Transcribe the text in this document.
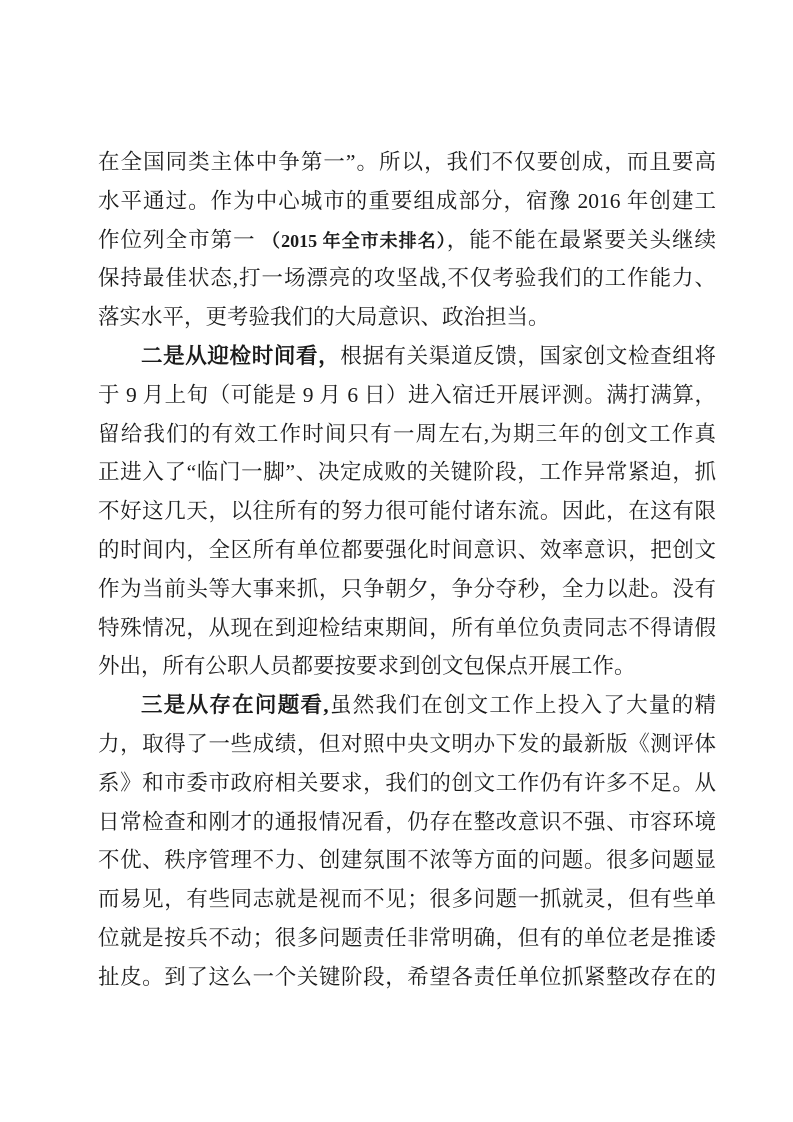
在全国同类主体中争第一”。所以，我们不仅要创成，而且要高
水平通过。作为中心城市的重要组成部分，宿豫 2016 年创建工
作位列全市第一 （2015 年全市未排名），能不能在最紧要关头继续
保持最佳状态,打一场漂亮的攻坚战,不仅考验我们的工作能力、
落实水平，更考验我们的大局意识、政治担当。
二是从迎检时间看，根据有关渠道反馈，国家创文检查组将
于 9 月上旬（可能是 9 月 6 日）进入宿迁开展评测。满打满算，
留给我们的有效工作时间只有一周左右,为期三年的创文工作真
正进入了“临门一脚”、决定成败的关键阶段，工作异常紧迫，抓
不好这几天，以往所有的努力很可能付诸东流。因此，在这有限
的时间内，全区所有单位都要强化时间意识、效率意识，把创文
作为当前头等大事来抓，只争朝夕，争分夺秒，全力以赴。没有
特殊情况，从现在到迎检结束期间，所有单位负责同志不得请假
外出，所有公职人员都要按要求到创文包保点开展工作。
三是从存在问题看,虽然我们在创文工作上投入了大量的精
力，取得了一些成绩，但对照中央文明办下发的最新版《测评体
系》和市委市政府相关要求，我们的创文工作仍有许多不足。从
日常检查和刚才的通报情况看，仍存在整改意识不强、市容环境
不优、秩序管理不力、创建氛围不浓等方面的问题。很多问题显
而易见，有些同志就是视而不见；很多问题一抓就灵，但有些单
位就是按兵不动；很多问题责任非常明确，但有的单位老是推诿
扯皮。到了这么一个关键阶段，希望各责任单位抓紧整改存在的
